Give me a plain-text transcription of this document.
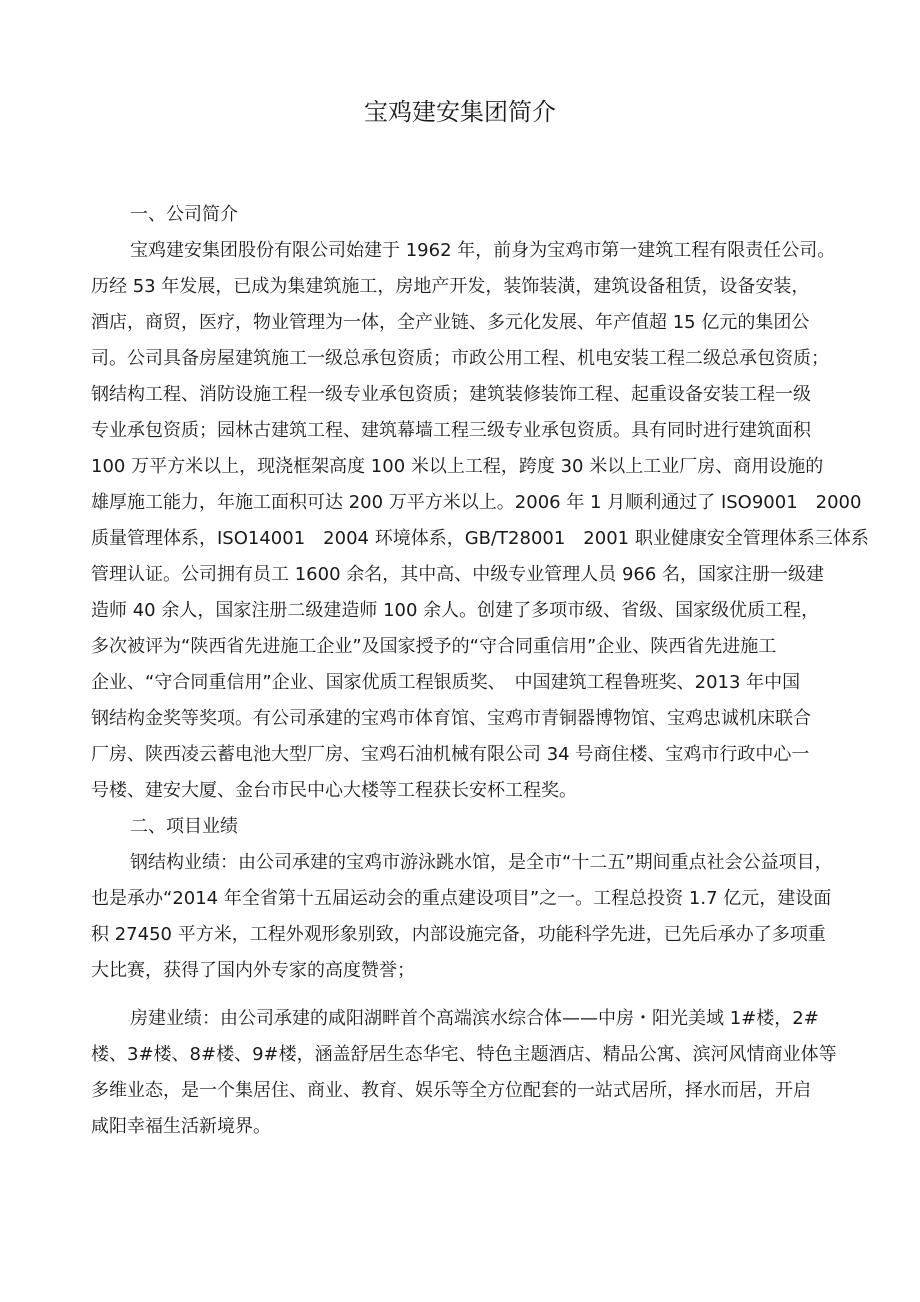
宝鸡建安集团简介
一、公司简介
宝鸡建安集团股份有限公司始建于 1962 年，前身为宝鸡市第一建筑工程有限责任公司。
历经 53 年发展，已成为集建筑施工，房地产开发，装饰装潢，建筑设备租赁，设备安装，
酒店，商贸，医疗，物业管理为一体，全产业链、多元化发展、年产值超 15 亿元的集团公
司。公司具备房屋建筑施工一级总承包资质；市政公用工程、机电安装工程二级总承包资质；
钢结构工程、消防设施工程一级专业承包资质；建筑装修装饰工程、起重设备安装工程一级
专业承包资质；园林古建筑工程、建筑幕墙工程三级专业承包资质。具有同时进行建筑面积
100 万平方米以上，现浇框架高度 100 米以上工程，跨度 30 米以上工业厂房、商用设施的
雄厚施工能力，年施工面积可达 200 万平方米以上。2006 年 1 月顺利通过了 ISO9001　2000
质量管理体系，ISO14001　2004 环境体系，GB/T28001　2001 职业健康安全管理体系三体系
管理认证。公司拥有员工 1600 余名，其中高、中级专业管理人员 966 名，国家注册一级建
造师 40 余人，国家注册二级建造师 100 余人。创建了多项市级、省级、国家级优质工程，
多次被评为“陕西省先进施工企业”及国家授予的“守合同重信用”企业、陕西省先进施工
企业、“守合同重信用”企业、国家优质工程银质奖、　中国建筑工程鲁班奖、2013 年中国
钢结构金奖等奖项。有公司承建的宝鸡市体育馆、宝鸡市青铜器博物馆、宝鸡忠诚机床联合
厂房、陕西凌云蓄电池大型厂房、宝鸡石油机械有限公司 34 号商住楼、宝鸡市行政中心一
号楼、建安大厦、金台市民中心大楼等工程获长安杯工程奖。
二、项目业绩
钢结构业绩：由公司承建的宝鸡市游泳跳水馆，是全市“十二五”期间重点社会公益项目，
也是承办“2014 年全省第十五届运动会的重点建设项目”之一。工程总投资 1.7 亿元，建设面
积 27450 平方米，工程外观形象别致，内部设施完备，功能科学先进，已先后承办了多项重
大比赛，获得了国内外专家的高度赞誉；
房建业绩：由公司承建的咸阳湖畔首个高端滨水综合体——中房・阳光美域 1#楼，2#
楼、3#楼、8#楼、9#楼，涵盖舒居生态华宅、特色主题酒店、精品公寓、滨河风情商业体等
多维业态，是一个集居住、商业、教育、娱乐等全方位配套的一站式居所，择水而居，开启
咸阳幸福生活新境界。
